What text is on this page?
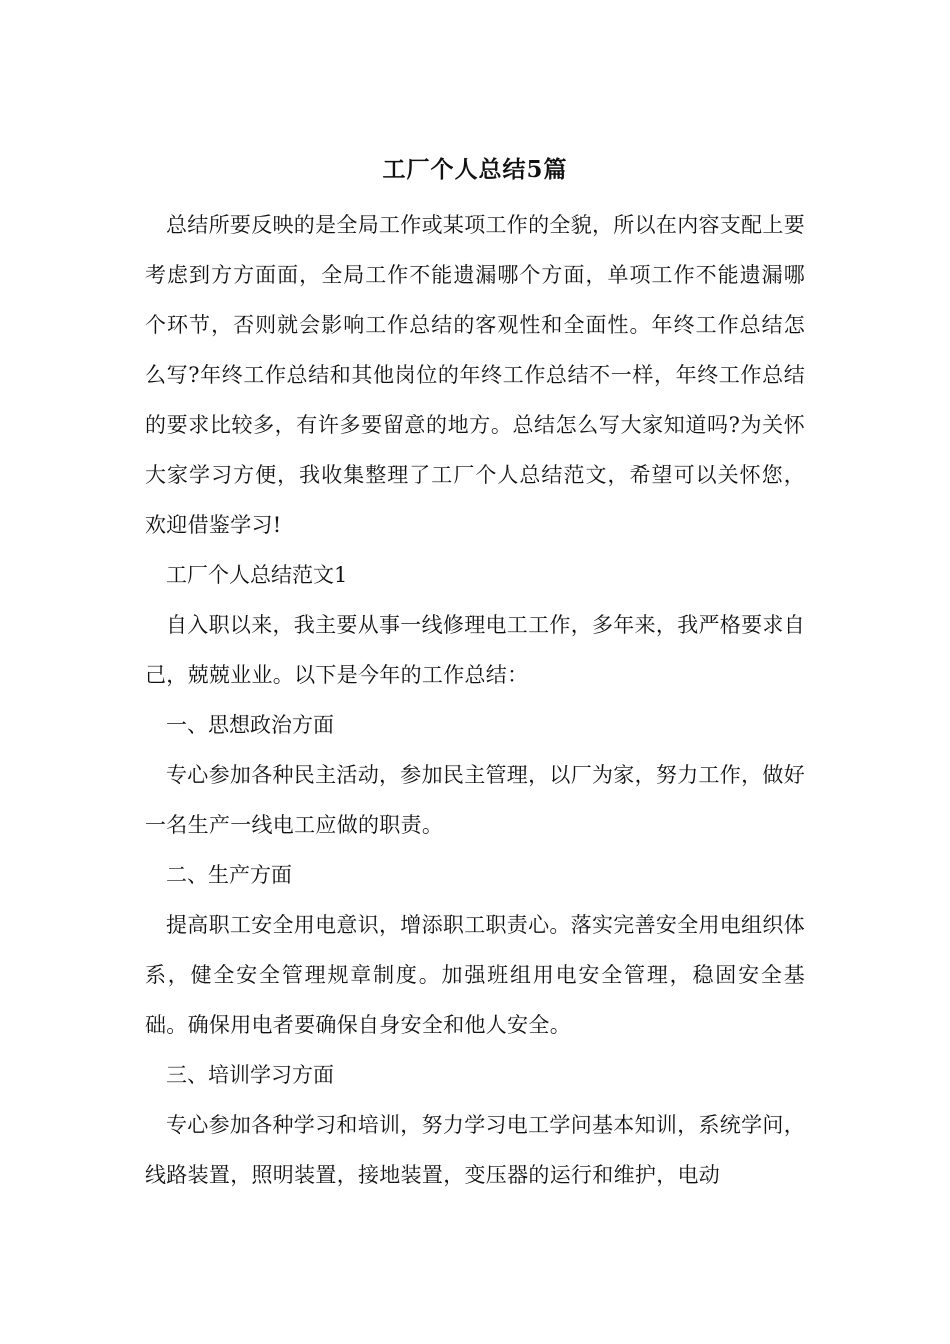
工厂个人总结5篇

总结所要反映的是全局工作或某项工作的全貌，所以在内容支配上要考虑到方方面面，全局工作不能遗漏哪个方面，单项工作不能遗漏哪个环节，否则就会影响工作总结的客观性和全面性。年终工作总结怎么写?年终工作总结和其他岗位的年终工作总结不一样，年终工作总结的要求比较多，有许多要留意的地方。总结怎么写大家知道吗?为关怀大家学习方便，我收集整理了工厂个人总结范文，希望可以关怀您，欢迎借鉴学习!

工厂个人总结范文1

自入职以来，我主要从事一线修理电工工作，多年来，我严格要求自己，兢兢业业。以下是今年的工作总结：

一、思想政治方面

专心参加各种民主活动，参加民主管理，以厂为家，努力工作，做好一名生产一线电工应做的职责。

二、生产方面

提高职工安全用电意识，增添职工职责心。落实完善安全用电组织体系，健全安全管理规章制度。加强班组用电安全管理，稳固安全基础。确保用电者要确保自身安全和他人安全。

三、培训学习方面

专心参加各种学习和培训，努力学习电工学问基本知训，系统学问，线路装置，照明装置，接地装置，变压器的运行和维护，电动
